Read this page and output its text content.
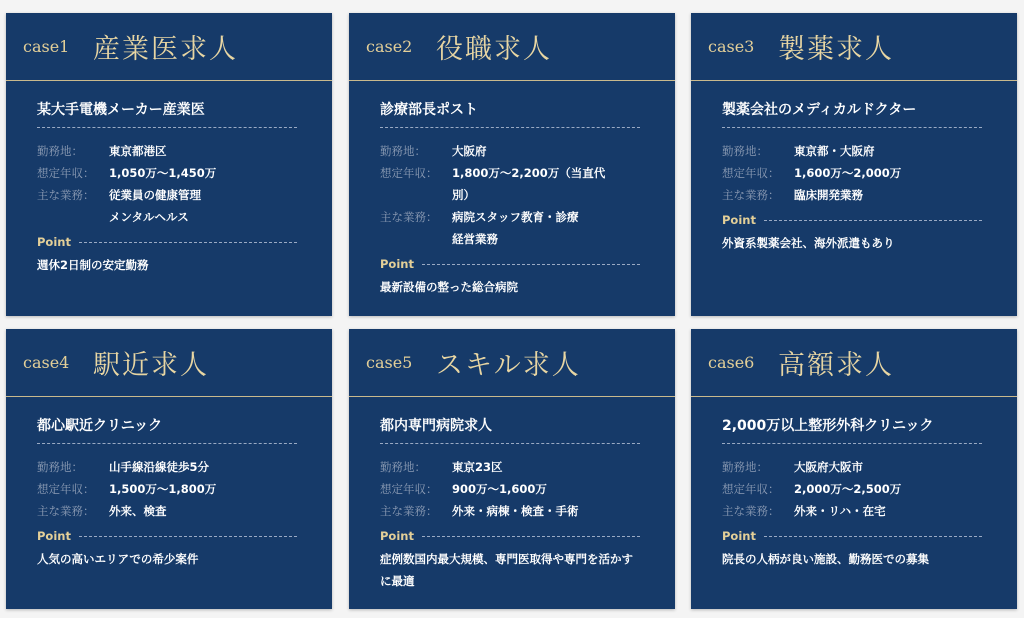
case1 産業医求人
某大手電機メーカー産業医
勤務地：	東京都港区
想定年収：	1,050万〜1,450万
主な業務：	従業員の健康管理
メンタルヘルス
Point
週休2日制の安定勤務
case2 役職求人
診療部長ポスト
勤務地：	大阪府
想定年収：	1,800万〜2,200万（当直代
別）
主な業務：	病院スタッフ教育・診療
経営業務
Point
最新設備の整った総合病院
case3 製薬求人
製薬会社のメディカルドクター
勤務地：	東京都・大阪府
想定年収：	1,600万〜2,000万
主な業務：	臨床開発業務
Point
外資系製薬会社、海外派遣もあり
case4 駅近求人
都心駅近クリニック
勤務地：	山手線沿線徒歩5分
想定年収：	1,500万〜1,800万
主な業務：	外来、検査
Point
人気の高いエリアでの希少案件
case5 スキル求人
都内専門病院求人
勤務地：	東京23区
想定年収：	900万〜1,600万
主な業務：	外来・病棟・検査・手術
Point
症例数国内最大規模、専門医取得や専門を活かすに最適
case6 高額求人
2,000万以上整形外科クリニック
勤務地：	大阪府大阪市
想定年収：	2,000万〜2,500万
主な業務：	外来・リハ・在宅
Point
院長の人柄が良い施設、勤務医での募集
